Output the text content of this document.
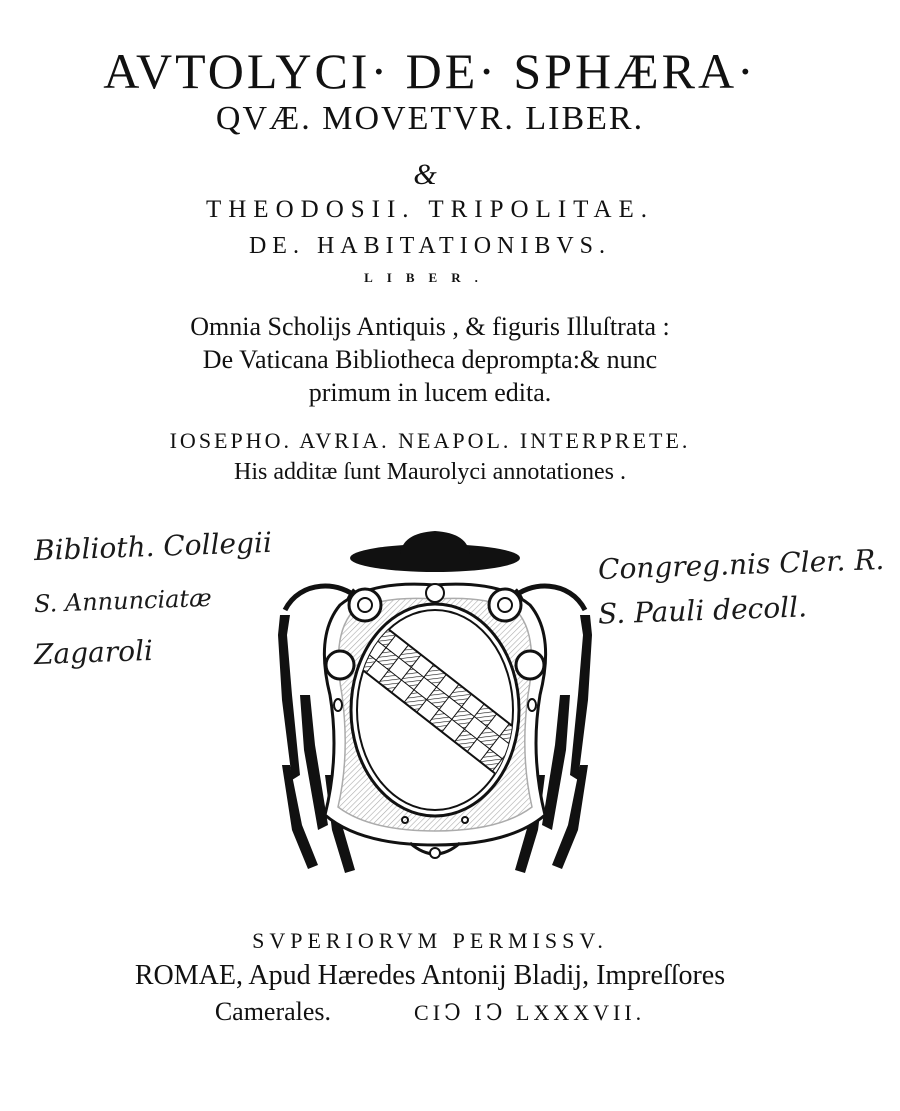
AVTOLYCI· DE· SPHÆRA·
QVÆ. MOVETVR. LIBER.
&
THEODOSII. TRIPOLITAE.
DE. HABITATIONIBVS.
LIBER.
Omnia Scholijs Antiquis , & figuris Illuſtrata :
De Vaticana Bibliotheca deprompta:& nunc
primum in lucem edita.
IOSEPHO. AVRIA. NEAPOL. INTERPRETE.
His additæ ſunt Maurolyci annotationes .
Biblioth. Collegii
S. Annunciatæ
Zagaroli
Congreg.nis Cler. R.
S. Pauli decoll.
SVPERIORVM PERMISSV.
ROMAE, Apud Hæredes Antonij Bladij, Impreſſores
Camerales.	CIↃ IↃ LXXXVII.
